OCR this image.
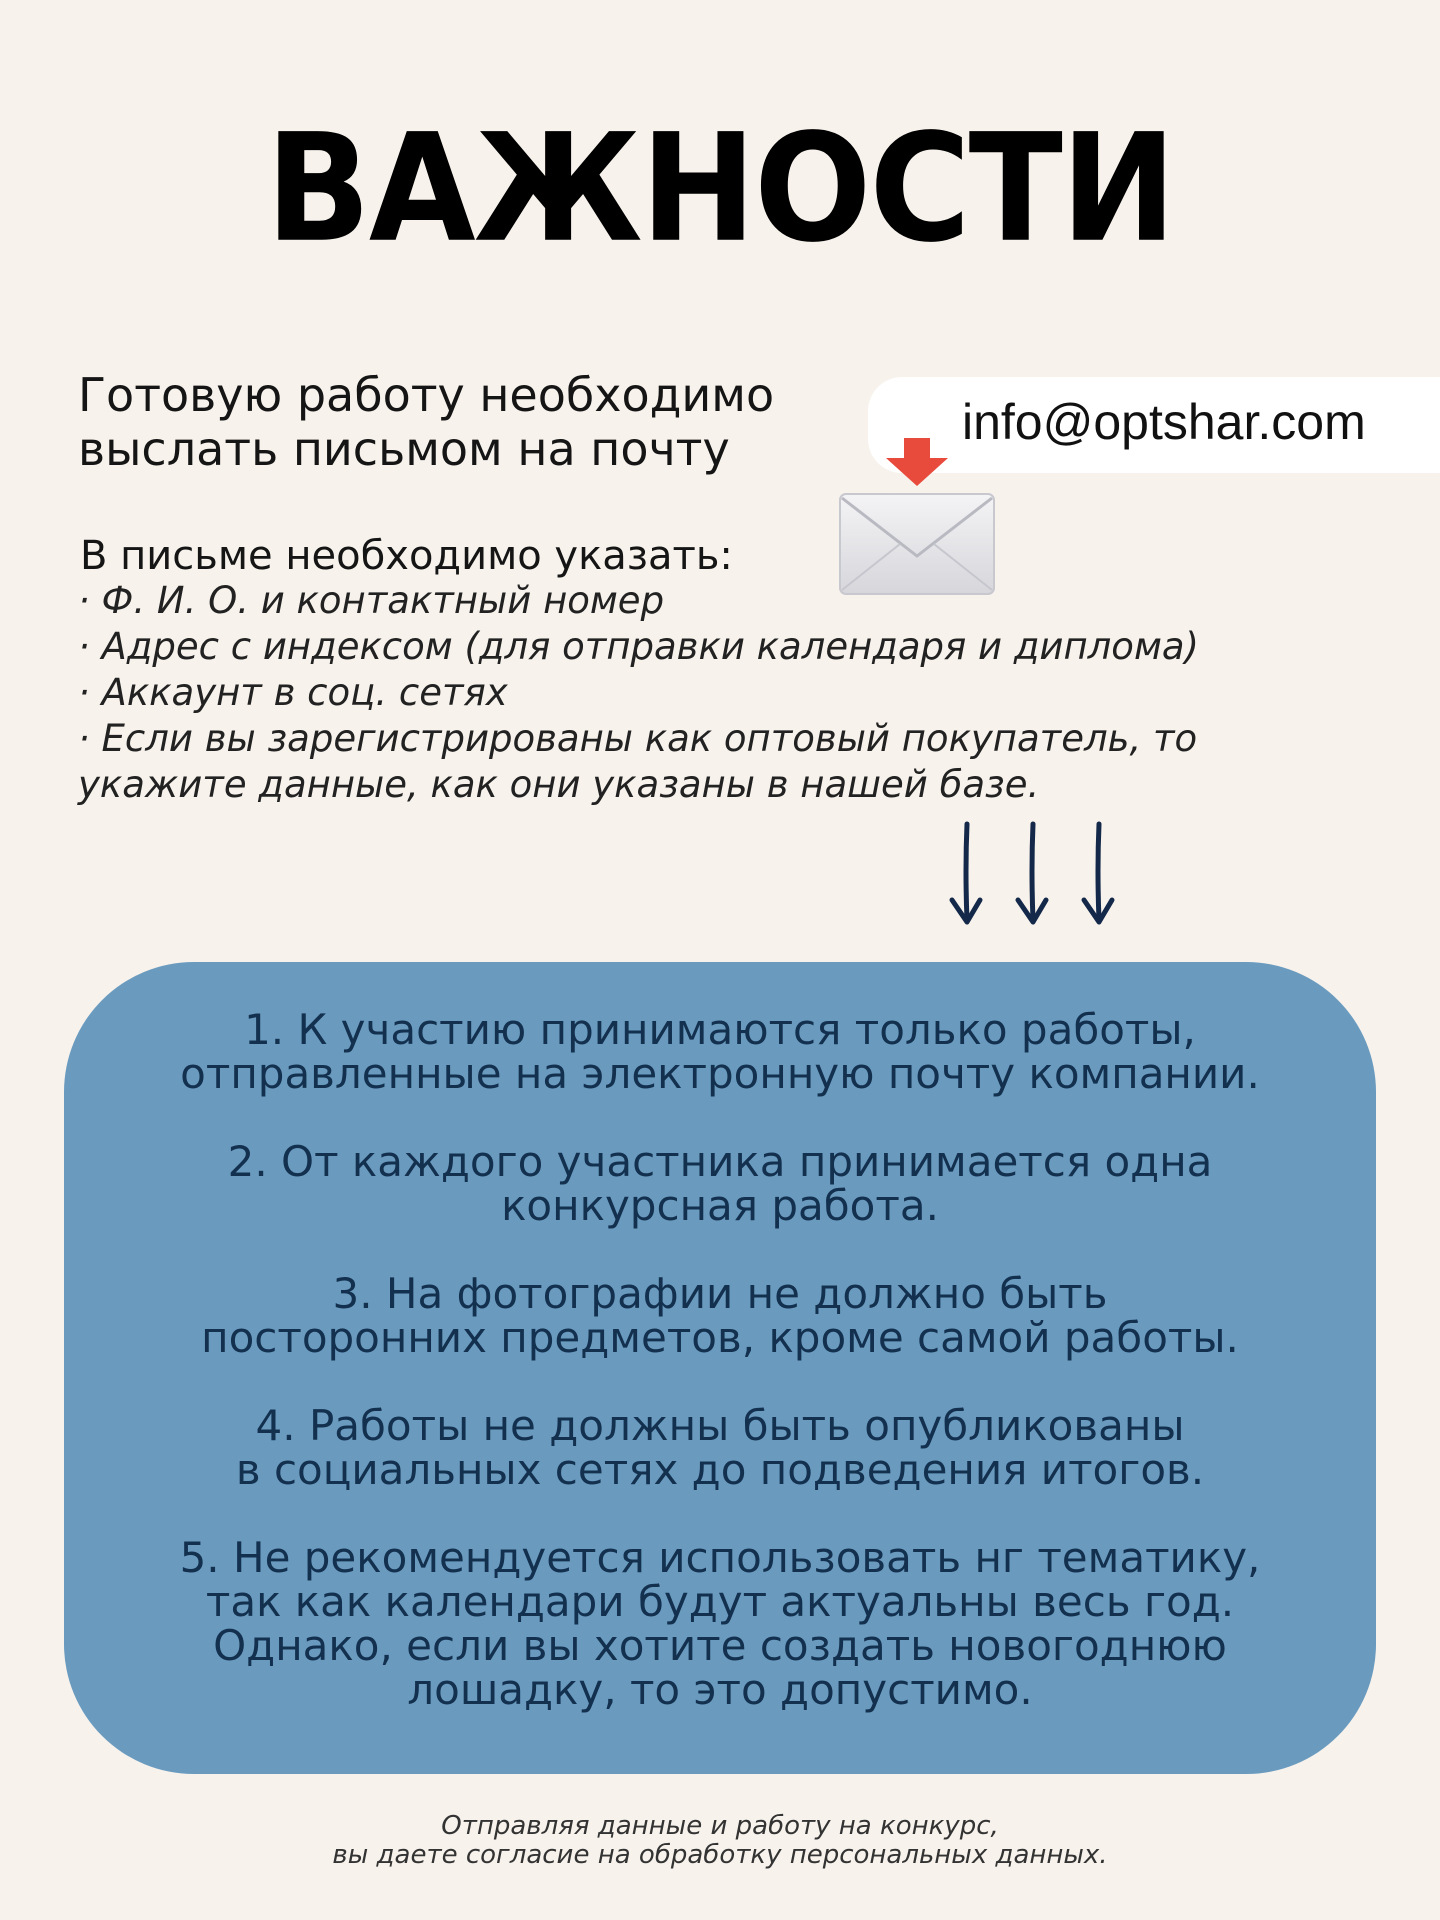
ВАЖНОСТИ
Готовую работу необходимо
выслать письмом на почту	info@optshar.com
В письме необходимо указать:
· Ф. И. О. и контактный номер
· Адрес с индексом (для отправки календаря и диплома)
· Аккаунт в соц. сетях
· Если вы зарегистрированы как оптовый покупатель, то
укажите данные, как они указаны в нашей базе.
1. К участию принимаются только работы,
отправленные на электронную почту компании.
2. От каждого участника принимается одна
конкурсная работа.
3. На фотографии не должно быть
посторонних предметов, кроме самой работы.
4. Работы не должны быть опубликованы
в социальных сетях до подведения итогов.
5. Не рекомендуется использовать нг тематику,
так как календари будут актуальны весь год.
Однако, если вы хотите создать новогоднюю
лошадку, то это допустимо.
Отправляя данные и работу на конкурс,
вы даете согласие на обработку персональных данных.
